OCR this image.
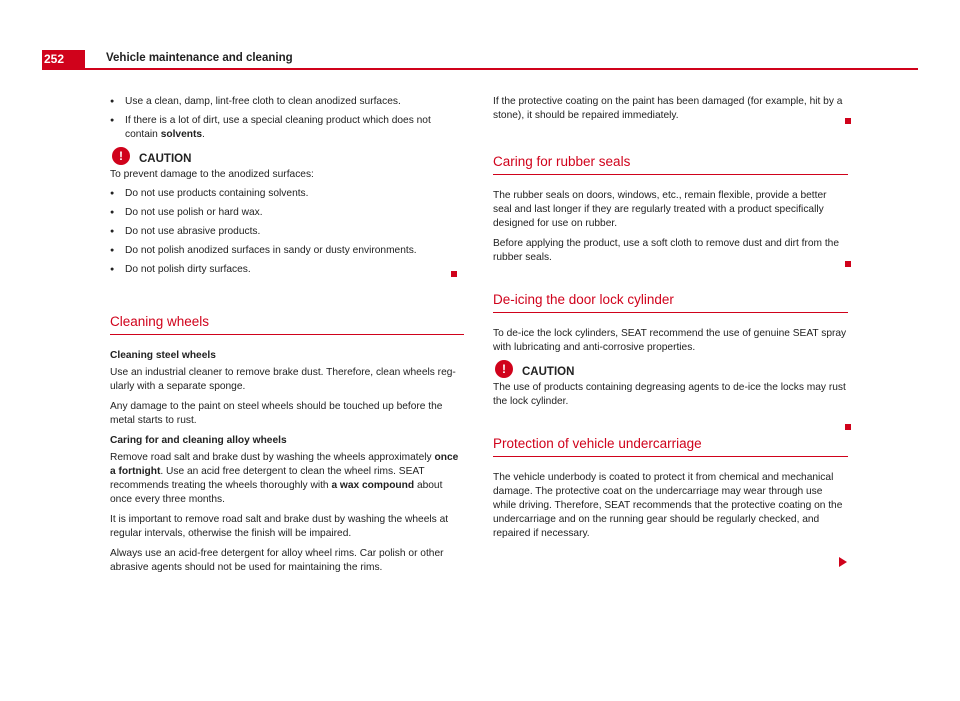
252	Vehicle maintenance and cleaning
● Use a clean, damp, lint-free cloth to clean anodized surfaces.
● If there is a lot of dirt, use a special cleaning product which does not contain solvents.
!	CAUTION

To prevent damage to the anodized surfaces:

● Do not use products containing solvents.
● Do not use polish or hard wax.
● Do not use abrasive products.
● Do not polish anodized surfaces in sandy or dusty environments.
● Do not polish dirty surfaces.
Cleaning wheels

Cleaning steel wheels

Use an industrial cleaner to remove brake dust. Therefore, clean wheels reg-ularly with a separate sponge.

Any damage to the paint on steel wheels should be touched up before the metal starts to rust.

Caring for and cleaning alloy wheels

Remove road salt and brake dust by washing the wheels approximately once a fortnight. Use an acid free detergent to clean the wheel rims. SEAT recommends treating the wheels thoroughly with a wax compound about once every three months.

It is important to remove road salt and brake dust by washing the wheels at regular intervals, otherwise the finish will be impaired.

Always use an acid-free detergent for alloy wheel rims. Car polish or other abrasive agents should not be used for maintaining the rims.

If the protective coating on the paint has been damaged (for example, hit by a stone), it should be repaired immediately.

Caring for rubber seals

The rubber seals on doors, windows, etc., remain flexible, provide a better seal and last longer if they are regularly treated with a product specifically designed for use on rubber.

Before applying the product, use a soft cloth to remove dust and dirt from the rubber seals.

De-icing the door lock cylinder

To de-ice the lock cylinders, SEAT recommend the use of genuine SEAT spray with lubricating and anti-corrosive properties.

!	CAUTION

The use of products containing degreasing agents to de-ice the locks may rust the lock cylinder.

Protection of vehicle undercarriage

The vehicle underbody is coated to protect it from chemical and mechanical damage. The protective coat on the undercarriage may wear through use while driving. Therefore, SEAT recommends that the protective coating on the undercarriage and on the running gear should be regularly checked, and repaired if necessary.
